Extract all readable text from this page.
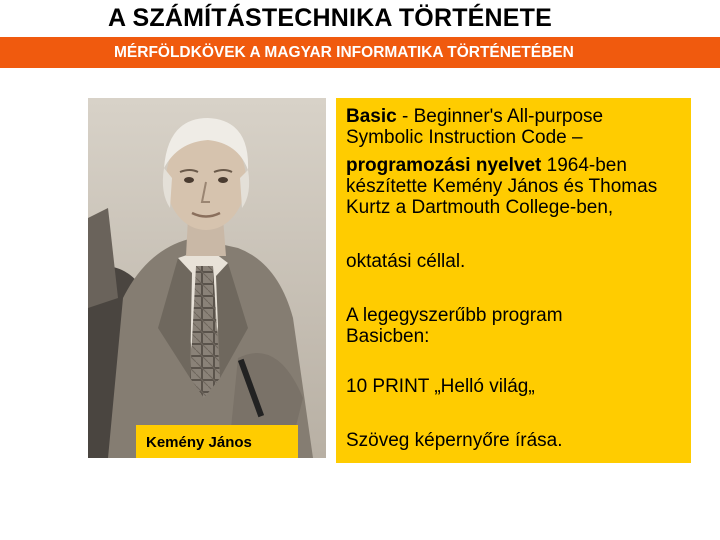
A SZÁMÍTÁSTECHNIKA TÖRTÉNETE
MÉRFÖLDKÖVEK A MAGYAR INFORMATIKA TÖRTÉNETÉBEN
Kemény János
Basic - Beginner's All-purpose Symbolic Instruction Code –
programozási nyelvet 1964-ben készítette Kemény János és Thomas Kurtz a Dartmouth College-ben,
oktatási céllal.
A legegyszerűbb program Basicben:
10 PRINT „Helló világ„
Szöveg képernyőre írása.
